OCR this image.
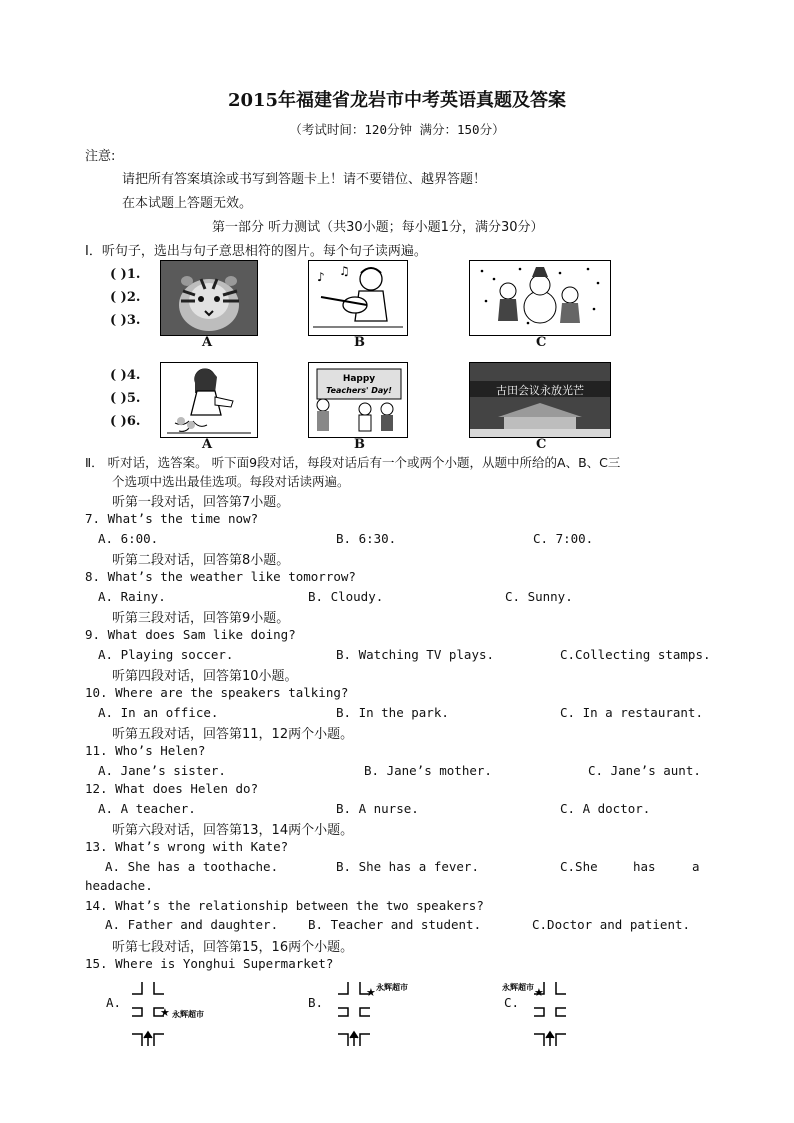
2015年福建省龙岩市中考英语真题及答案
（考试时间：120分钟 满分：150分）
注意:
请把所有答案填涂或书写到答题卡上！请不要错位、越界答题！
在本试题上答题无效。
第一部分 听力测试（共30小题；每小题1分，满分30分）
Ⅰ．听句子，选出与句子意思相符的图片。每个句子读两遍。
( )1.
( )2.
( )3.
♪ ♫
A	B	C
( )4.
( )5.
( )6.
Happy
Teachers' Day!	古田会议永放光芒
A	B	C
Ⅱ． 听对话，选答案。 听下面9段对话，每段对话后有一个或两个小题，从题中所给的A、B、C三
个选项中选出最佳选项。每段对话读两遍。
听第一段对话，回答第7小题。
7. What’s the time now?
A. 6:00.	B. 6:30.	C. 7:00.
听第二段对话，回答第8小题。
8. What’s the weather like tomorrow?
A. Rainy.	B. Cloudy.	C. Sunny.
听第三段对话，回答第9小题。
9. What does Sam like doing?
A. Playing soccer.	B. Watching TV plays.	C.Collecting stamps.
听第四段对话，回答第10小题。
10. Where are the speakers talking?
A. In an office.	B. In the park.	C. In a restaurant.
听第五段对话，回答第11，12两个小题。
11. Who’s Helen?
A. Jane’s sister.	B. Jane’s mother.	C. Jane’s aunt.
12. What does Helen do?
A. A teacher.	B. A nurse.	C. A doctor.
听第六段对话，回答第13，14两个小题。
13. What’s wrong with Kate?
A. She has a toothache.	B. She has a fever.	C.She	has	a
headache.
14. What’s the relationship between the two speakers?
A. Father and daughter. B. Teacher and student.	C.Doctor and patient.
听第七段对话，回答第15，16两个小题。
15. Where is Yonghui Supermarket?
A.
★ 永辉超市
B.
★ 永辉超市
C.
永辉超市 ★
